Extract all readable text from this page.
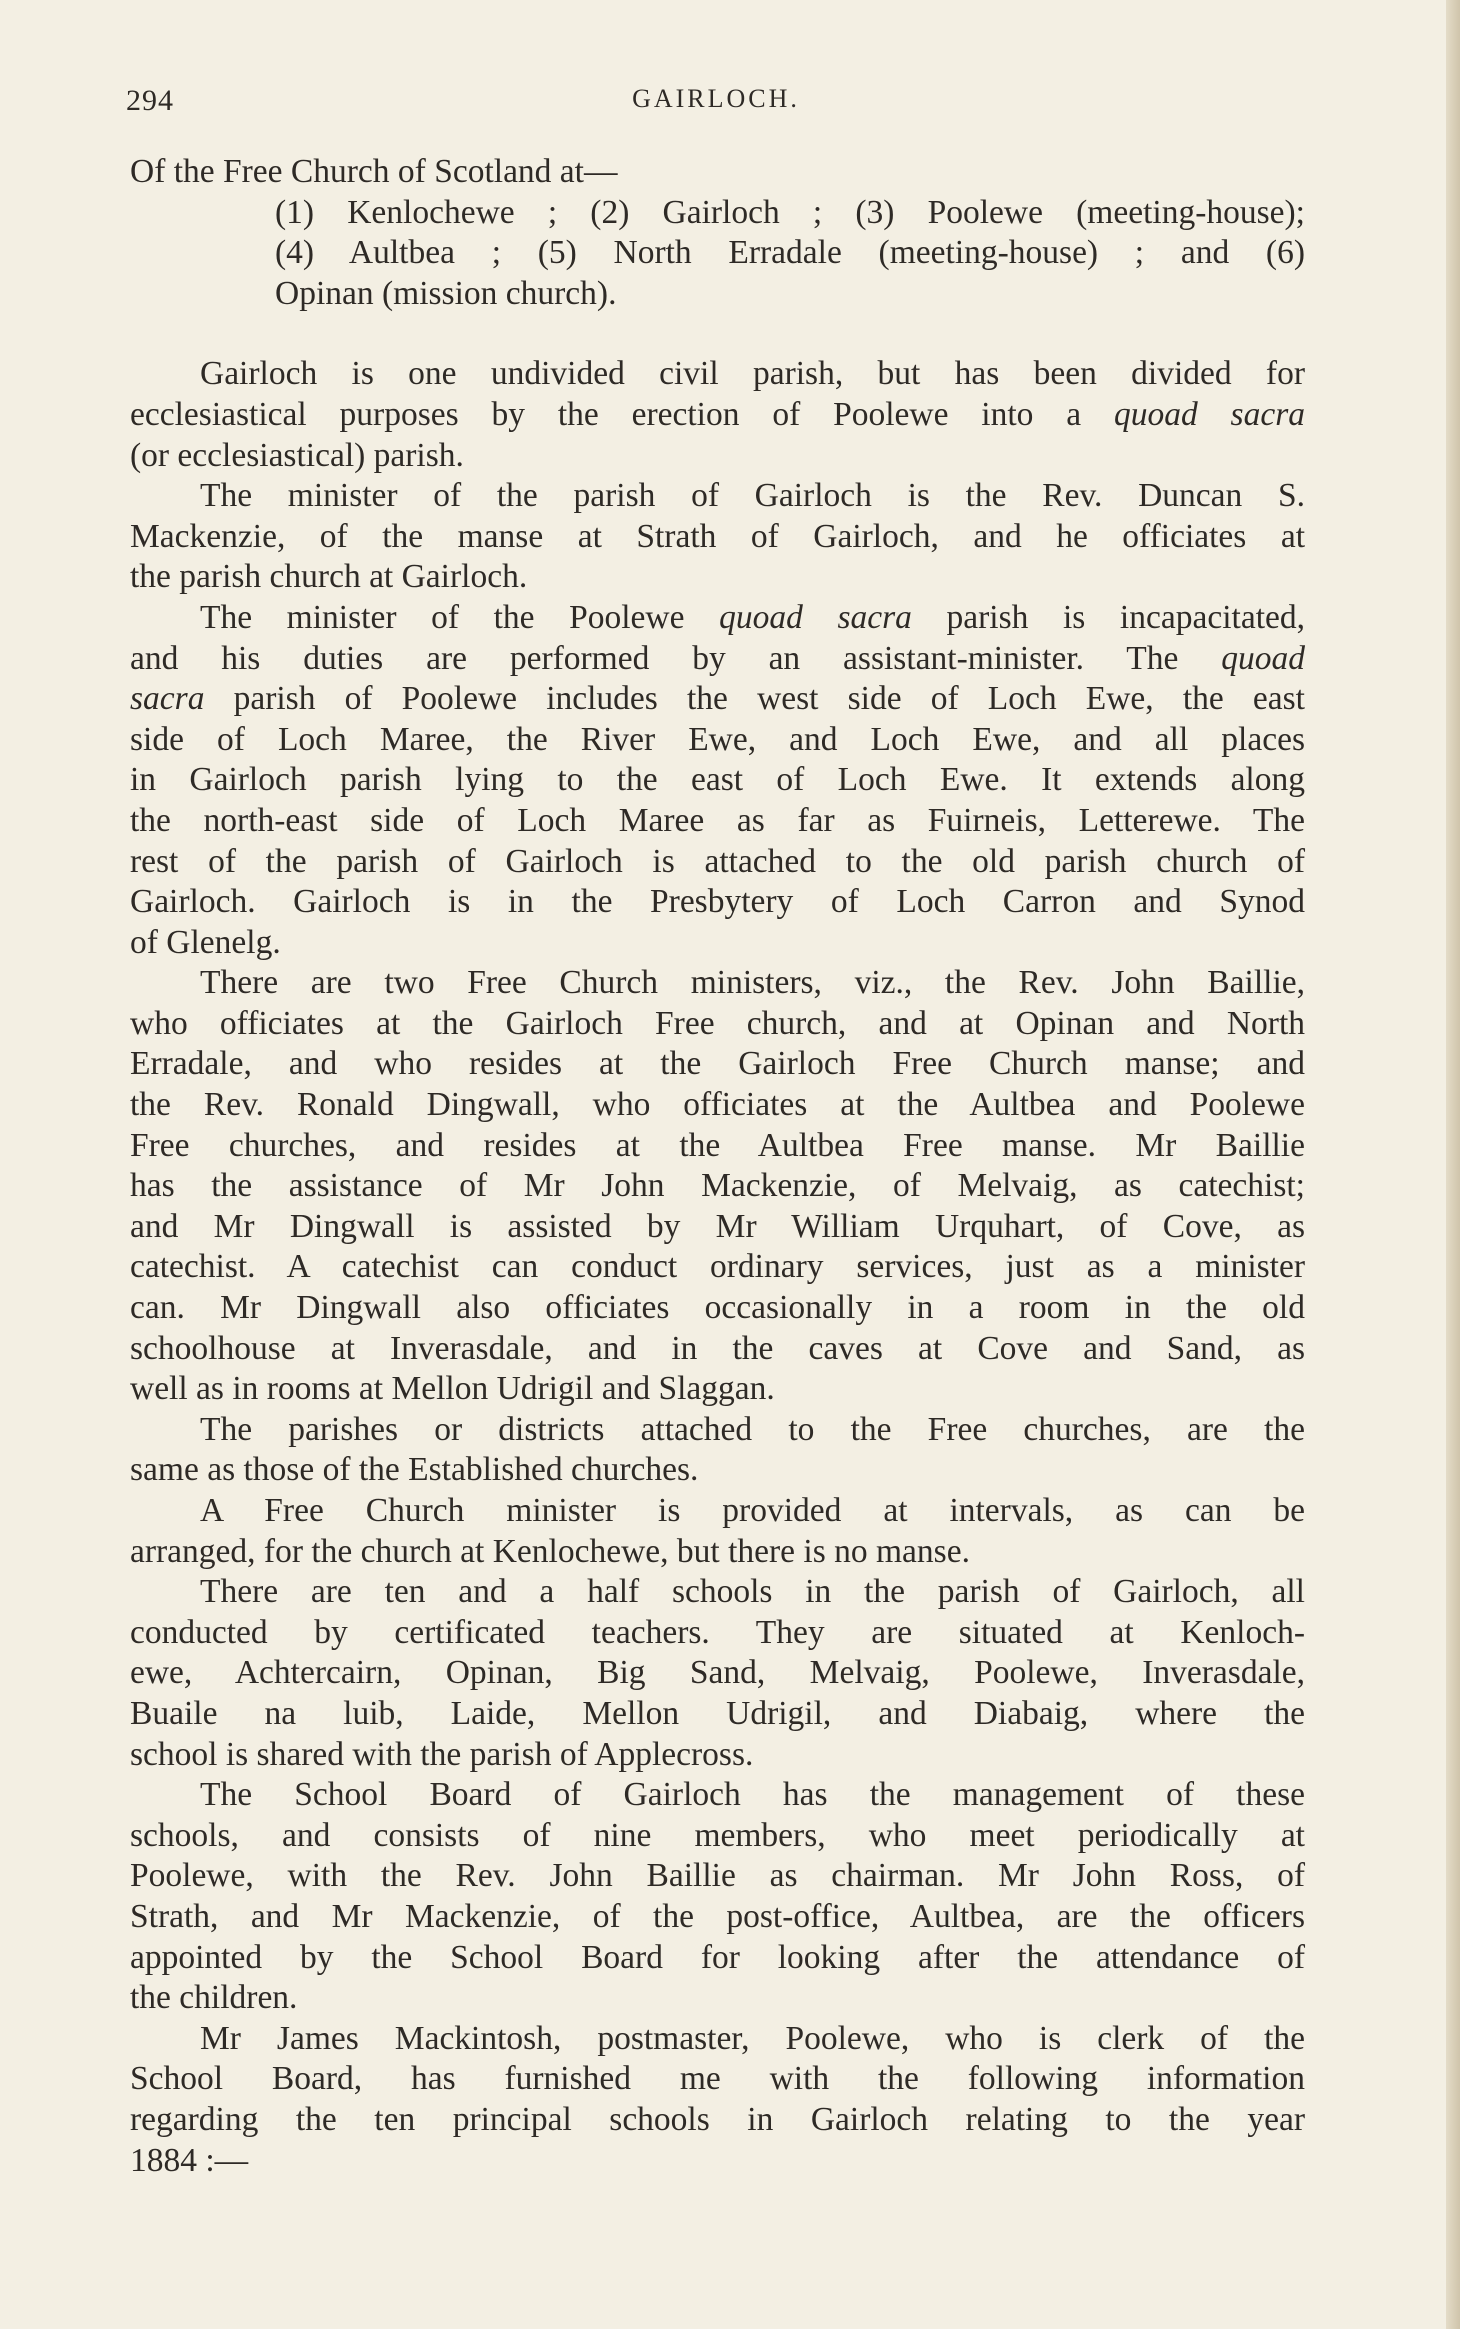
294	GAIRLOCH.
Of the Free Church of Scotland at—
(1) Kenlochewe ; (2) Gairloch ; (3) Poolewe (meeting-house);
(4) Aultbea ; (5) North Erradale (meeting-house) ; and (6)
Opinan (mission church).
Gairloch is one undivided civil parish, but has been divided for
ecclesiastical purposes by the erection of Poolewe into a quoad sacra
(or ecclesiastical) parish.
The minister of the parish of Gairloch is the Rev. Duncan S.
Mackenzie, of the manse at Strath of Gairloch, and he officiates at
the parish church at Gairloch.
The minister of the Poolewe quoad sacra parish is incapacitated,
and his duties are performed by an assistant-minister. The quoad
sacra parish of Poolewe includes the west side of Loch Ewe, the east
side of Loch Maree, the River Ewe, and Loch Ewe, and all places
in Gairloch parish lying to the east of Loch Ewe. It extends along
the north-east side of Loch Maree as far as Fuirneis, Letterewe. The
rest of the parish of Gairloch is attached to the old parish church of
Gairloch. Gairloch is in the Presbytery of Loch Carron and Synod
of Glenelg.
There are two Free Church ministers, viz., the Rev. John Baillie,
who officiates at the Gairloch Free church, and at Opinan and North
Erradale, and who resides at the Gairloch Free Church manse; and
the Rev. Ronald Dingwall, who officiates at the Aultbea and Poolewe
Free churches, and resides at the Aultbea Free manse. Mr Baillie
has the assistance of Mr John Mackenzie, of Melvaig, as catechist;
and Mr Dingwall is assisted by Mr William Urquhart, of Cove, as
catechist. A catechist can conduct ordinary services, just as a minister
can. Mr Dingwall also officiates occasionally in a room in the old
schoolhouse at Inverasdale, and in the caves at Cove and Sand, as
well as in rooms at Mellon Udrigil and Slaggan.
The parishes or districts attached to the Free churches, are the
same as those of the Established churches.
A Free Church minister is provided at intervals, as can be
arranged, for the church at Kenlochewe, but there is no manse.
There are ten and a half schools in the parish of Gairloch, all
conducted by certificated teachers. They are situated at Kenloch-
ewe, Achtercairn, Opinan, Big Sand, Melvaig, Poolewe, Inverasdale,
Buaile na luib, Laide, Mellon Udrigil, and Diabaig, where the
school is shared with the parish of Applecross.
The School Board of Gairloch has the management of these
schools, and consists of nine members, who meet periodically at
Poolewe, with the Rev. John Baillie as chairman. Mr John Ross, of
Strath, and Mr Mackenzie, of the post-office, Aultbea, are the officers
appointed by the School Board for looking after the attendance of
the children.
Mr James Mackintosh, postmaster, Poolewe, who is clerk of the
School Board, has furnished me with the following information
regarding the ten principal schools in Gairloch relating to the year
1884 :—
